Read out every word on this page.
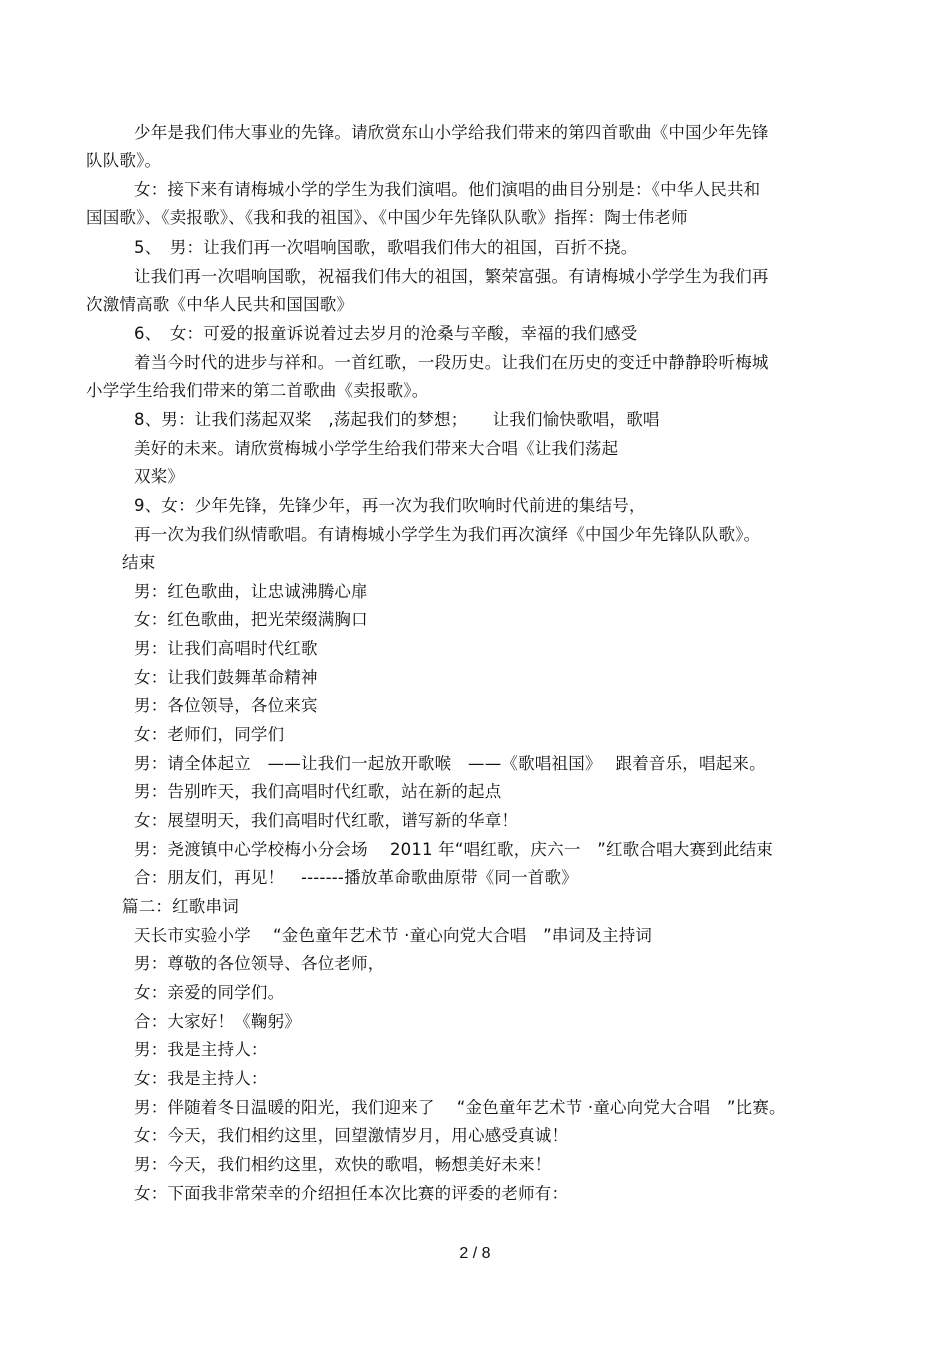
少年是我们伟大事业的先锋。请欣赏东山小学给我们带来的第四首歌曲《中国少年先锋
队队歌》。
女：接下来有请梅城小学的学生为我们演唱。他们演唱的曲目分别是：《中华人民共和
国国歌》、《卖报歌》、《我和我的祖国》、《中国少年先锋队队歌》指挥：陶士伟老师
5、　男：让我们再一次唱响国歌，歌唱我们伟大的祖国，百折不挠。
让我们再一次唱响国歌，祝福我们伟大的祖国，繁荣富强。有请梅城小学学生为我们再
次激情高歌《中华人民共和国国歌》
6、　女：可爱的报童诉说着过去岁月的沧桑与辛酸，幸福的我们感受
着当今时代的进步与祥和。一首红歌，一段历史。让我们在历史的变迁中静静聆听梅城
小学学生给我们带来的第二首歌曲《卖报歌》。
8、男：让我们荡起双桨　,荡起我们的梦想；　　让我们愉快歌唱，歌唱
美好的未来。请欣赏梅城小学学生给我们带来大合唱《让我们荡起
双桨》
9、女：少年先锋，先锋少年，再一次为我们吹响时代前进的集结号，
再一次为我们纵情歌唱。有请梅城小学学生为我们再次演绎《中国少年先锋队队歌》。
结束
男：红色歌曲，让忠诚沸腾心扉
女：红色歌曲，把光荣缀满胸口
男：让我们高唱时代红歌
女：让我们鼓舞革命精神
男：各位领导，各位来宾
女：老师们，同学们
男：请全体起立　——让我们一起放开歌喉　——《歌唱祖国》　 跟着音乐，唱起来。
男：告别昨天，我们高唱时代红歌，站在新的起点
女：展望明天，我们高唱时代红歌，谱写新的华章！
男：尧渡镇中心学校梅小分会场　 2011 年“唱红歌，庆六一　”红歌合唱大赛到此结束
合：朋友们，再见！　-------播放革命歌曲原带《同一首歌》
篇二：红歌串词
天长市实验小学　 “金色童年艺术节 ·童心向党大合唱　”串词及主持词
男：尊敬的各位领导、各位老师，
女：亲爱的同学们。
合：大家好！《鞠躬》
男：我是主持人：
女：我是主持人：
男：伴随着冬日温暖的阳光，我们迎来了　 “金色童年艺术节 ·童心向党大合唱　”比赛。
女：今天，我们相约这里，回望激情岁月，用心感受真诚！
男：今天，我们相约这里，欢快的歌唱，畅想美好未来！
女：下面我非常荣幸的介绍担任本次比赛的评委的老师有：
2 / 8
